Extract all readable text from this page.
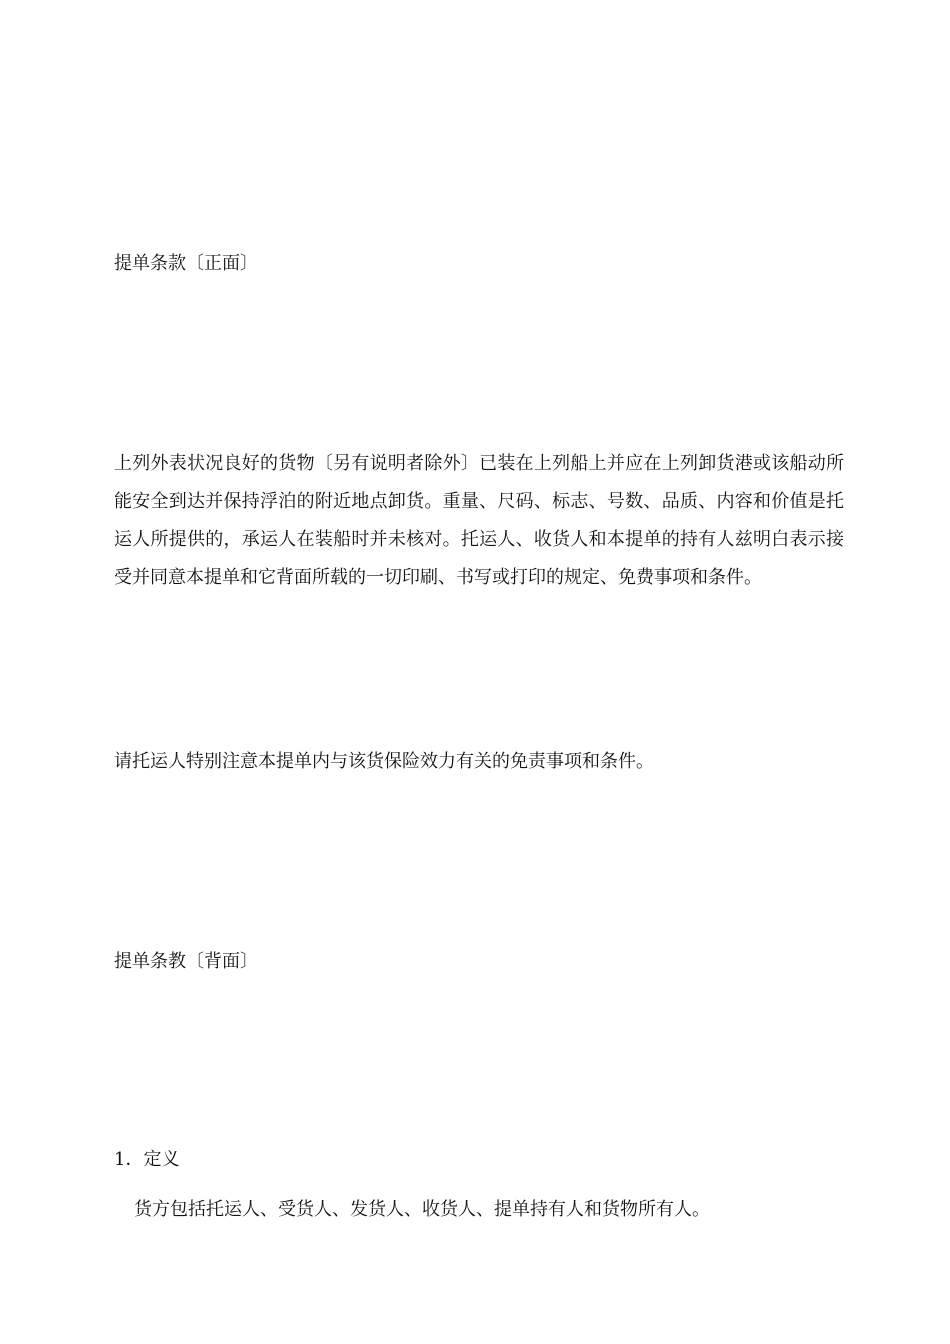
提单条款〔正面〕

上列外表状况良好的货物〔另有说明者除外〕已装在上列船上并应在上列卸货港或该船动所能安全到达并保持浮泊的附近地点卸货。重量、尺码、标志、号数、品质、内容和价值是托运人所提供的，承运人在装船时并未核对。托运人、收货人和本提单的持有人兹明白表示接受并同意本提单和它背面所载的一切印刷、书写或打印的规定、免费事项和条件。

请托运人特别注意本提单内与该货保险效力有关的免责事项和条件。

提单条教〔背面〕

1．定义

货方包括托运人、受货人、发货人、收货人、提单持有人和货物所有人。
